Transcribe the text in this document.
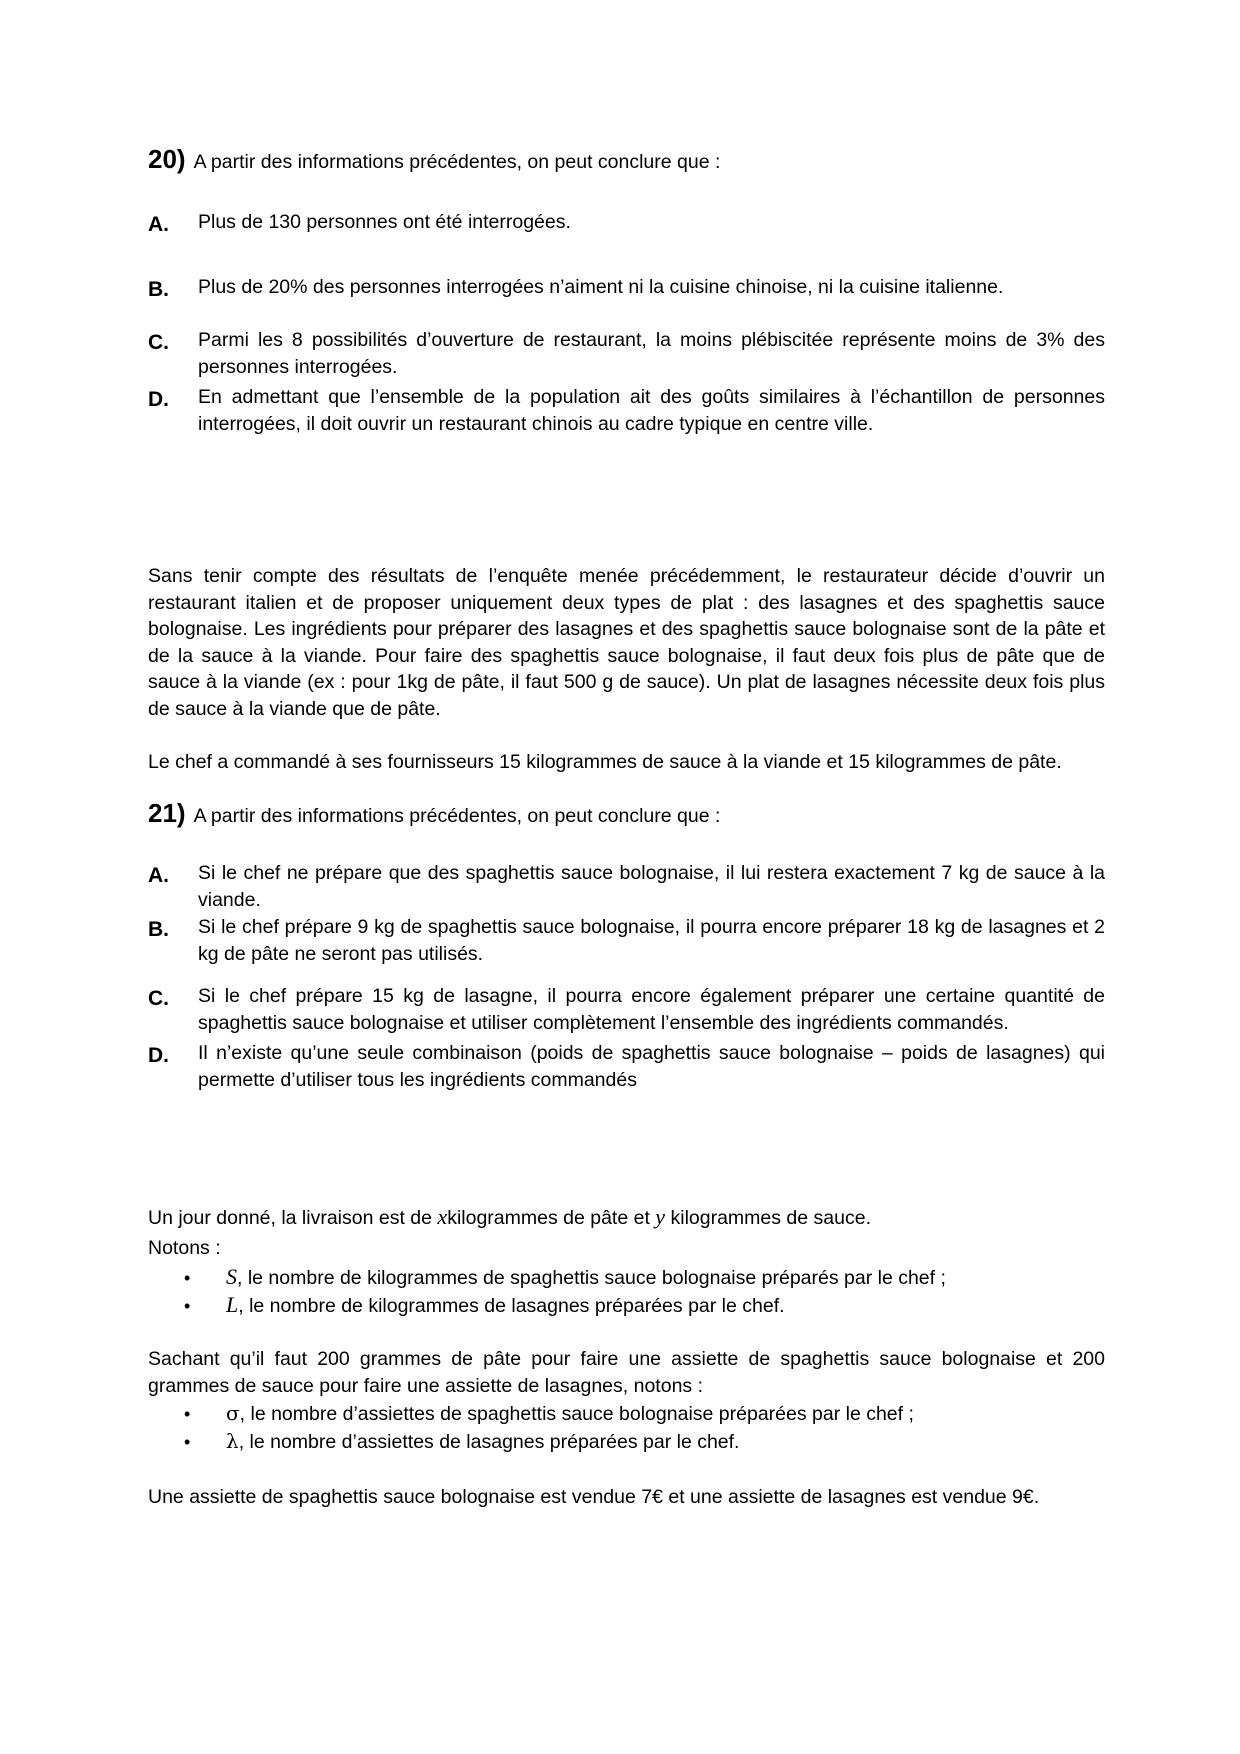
20) A partir des informations précédentes, on peut conclure que :
A.	Plus de 130 personnes ont été interrogées.
B.	Plus de 20% des personnes interrogées n’aiment ni la cuisine chinoise, ni la cuisine italienne.
C.	Parmi les 8 possibilités d’ouverture de restaurant, la moins plébiscitée représente moins de 3% des personnes interrogées.
D.	En admettant que l’ensemble de la population ait des goûts similaires à l’échantillon de personnes interrogées, il doit ouvrir un restaurant chinois au cadre typique en centre ville.
Sans tenir compte des résultats de l’enquête menée précédemment, le restaurateur décide d’ouvrir un restaurant italien et de proposer uniquement deux types de plat : des lasagnes et des spaghettis sauce bolognaise. Les ingrédients pour préparer des lasagnes et des spaghettis sauce bolognaise sont de la pâte et de la sauce à la viande. Pour faire des spaghettis sauce bolognaise, il faut deux fois plus de pâte que de sauce à la viande (ex : pour 1kg de pâte, il faut 500 g de sauce). Un plat de lasagnes nécessite deux fois plus de sauce à la viande que de pâte.
Le chef a commandé à ses fournisseurs 15 kilogrammes de sauce à la viande et 15 kilogrammes de pâte.
21) A partir des informations précédentes, on peut conclure que :
A.	Si le chef ne prépare que des spaghettis sauce bolognaise, il lui restera exactement 7 kg de sauce à la viande.
B.	Si le chef prépare 9 kg de spaghettis sauce bolognaise, il pourra encore préparer 18 kg de lasagnes et 2 kg de pâte ne seront pas utilisés.
C.	Si le chef prépare 15 kg de lasagne, il pourra encore également préparer une certaine quantité de spaghettis sauce bolognaise et utiliser complètement l’ensemble des ingrédients commandés.
D.	Il n’existe qu’une seule combinaison (poids de spaghettis sauce bolognaise – poids de lasagnes) qui permette d’utiliser tous les ingrédients commandés
Un jour donné, la livraison est de xkilogrammes de pâte et y kilogrammes de sauce.
Notons :
•	S , le nombre de kilogrammes de spaghettis sauce bolognaise préparés par le chef ;
•	L , le nombre de kilogrammes de lasagnes préparées par le chef.
Sachant qu’il faut 200 grammes de pâte pour faire une assiette de spaghettis sauce bolognaise et 200 grammes de sauce pour faire une assiette de lasagnes, notons :
•	σ , le nombre d’assiettes de spaghettis sauce bolognaise préparées par le chef ;
•	λ , le nombre d’assiettes de lasagnes préparées par le chef.
Une assiette de spaghettis sauce bolognaise est vendue 7€ et une assiette de lasagnes est vendue 9€.
